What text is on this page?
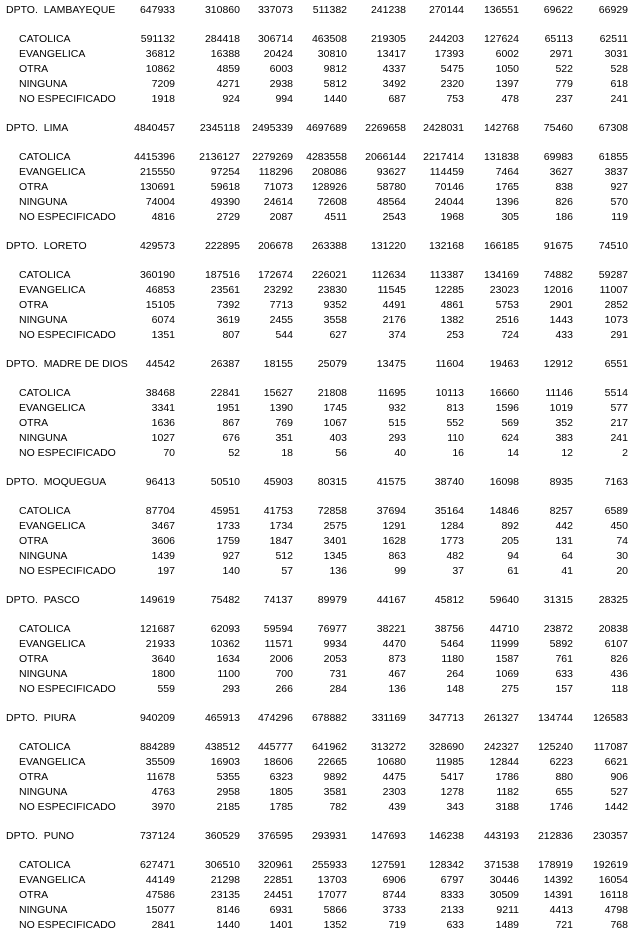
DPTO.  LAMBAYEQUE	647933	310860	337073	511382	241238	270144	136551	69622	66929
CATOLICA	591132	284418	306714	463508	219305	244203	127624	65113	62511
EVANGELICA	36812	16388	20424	30810	13417	17393	6002	2971	3031
OTRA	10862	4859	6003	9812	4337	5475	1050	522	528
NINGUNA	7209	4271	2938	5812	3492	2320	1397	779	618
NO ESPECIFICADO	1918	924	994	1440	687	753	478	237	241
DPTO.  LIMA	4840457	2345118	2495339	4697689	2269658	2428031	142768	75460	67308
CATOLICA	4415396	2136127	2279269	4283558	2066144	2217414	131838	69983	61855
EVANGELICA	215550	97254	118296	208086	93627	114459	7464	3627	3837
OTRA	130691	59618	71073	128926	58780	70146	1765	838	927
NINGUNA	74004	49390	24614	72608	48564	24044	1396	826	570
NO ESPECIFICADO	4816	2729	2087	4511	2543	1968	305	186	119
DPTO.  LORETO	429573	222895	206678	263388	131220	132168	166185	91675	74510
CATOLICA	360190	187516	172674	226021	112634	113387	134169	74882	59287
EVANGELICA	46853	23561	23292	23830	11545	12285	23023	12016	11007
OTRA	15105	7392	7713	9352	4491	4861	5753	2901	2852
NINGUNA	6074	3619	2455	3558	2176	1382	2516	1443	1073
NO ESPECIFICADO	1351	807	544	627	374	253	724	433	291
DPTO.  MADRE DE DIOS	44542	26387	18155	25079	13475	11604	19463	12912	6551
CATOLICA	38468	22841	15627	21808	11695	10113	16660	11146	5514
EVANGELICA	3341	1951	1390	1745	932	813	1596	1019	577
OTRA	1636	867	769	1067	515	552	569	352	217
NINGUNA	1027	676	351	403	293	110	624	383	241
NO ESPECIFICADO	70	52	18	56	40	16	14	12	2
DPTO.  MOQUEGUA	96413	50510	45903	80315	41575	38740	16098	8935	7163
CATOLICA	87704	45951	41753	72858	37694	35164	14846	8257	6589
EVANGELICA	3467	1733	1734	2575	1291	1284	892	442	450
OTRA	3606	1759	1847	3401	1628	1773	205	131	74
NINGUNA	1439	927	512	1345	863	482	94	64	30
NO ESPECIFICADO	197	140	57	136	99	37	61	41	20
DPTO.  PASCO	149619	75482	74137	89979	44167	45812	59640	31315	28325
CATOLICA	121687	62093	59594	76977	38221	38756	44710	23872	20838
EVANGELICA	21933	10362	11571	9934	4470	5464	11999	5892	6107
OTRA	3640	1634	2006	2053	873	1180	1587	761	826
NINGUNA	1800	1100	700	731	467	264	1069	633	436
NO ESPECIFICADO	559	293	266	284	136	148	275	157	118
DPTO.  PIURA	940209	465913	474296	678882	331169	347713	261327	134744	126583
CATOLICA	884289	438512	445777	641962	313272	328690	242327	125240	117087
EVANGELICA	35509	16903	18606	22665	10680	11985	12844	6223	6621
OTRA	11678	5355	6323	9892	4475	5417	1786	880	906
NINGUNA	4763	2958	1805	3581	2303	1278	1182	655	527
NO ESPECIFICADO	3970	2185	1785	782	439	343	3188	1746	1442
DPTO.  PUNO	737124	360529	376595	293931	147693	146238	443193	212836	230357
CATOLICA	627471	306510	320961	255933	127591	128342	371538	178919	192619
EVANGELICA	44149	21298	22851	13703	6906	6797	30446	14392	16054
OTRA	47586	23135	24451	17077	8744	8333	30509	14391	16118
NINGUNA	15077	8146	6931	5866	3733	2133	9211	4413	4798
NO ESPECIFICADO	2841	1440	1401	1352	719	633	1489	721	768
